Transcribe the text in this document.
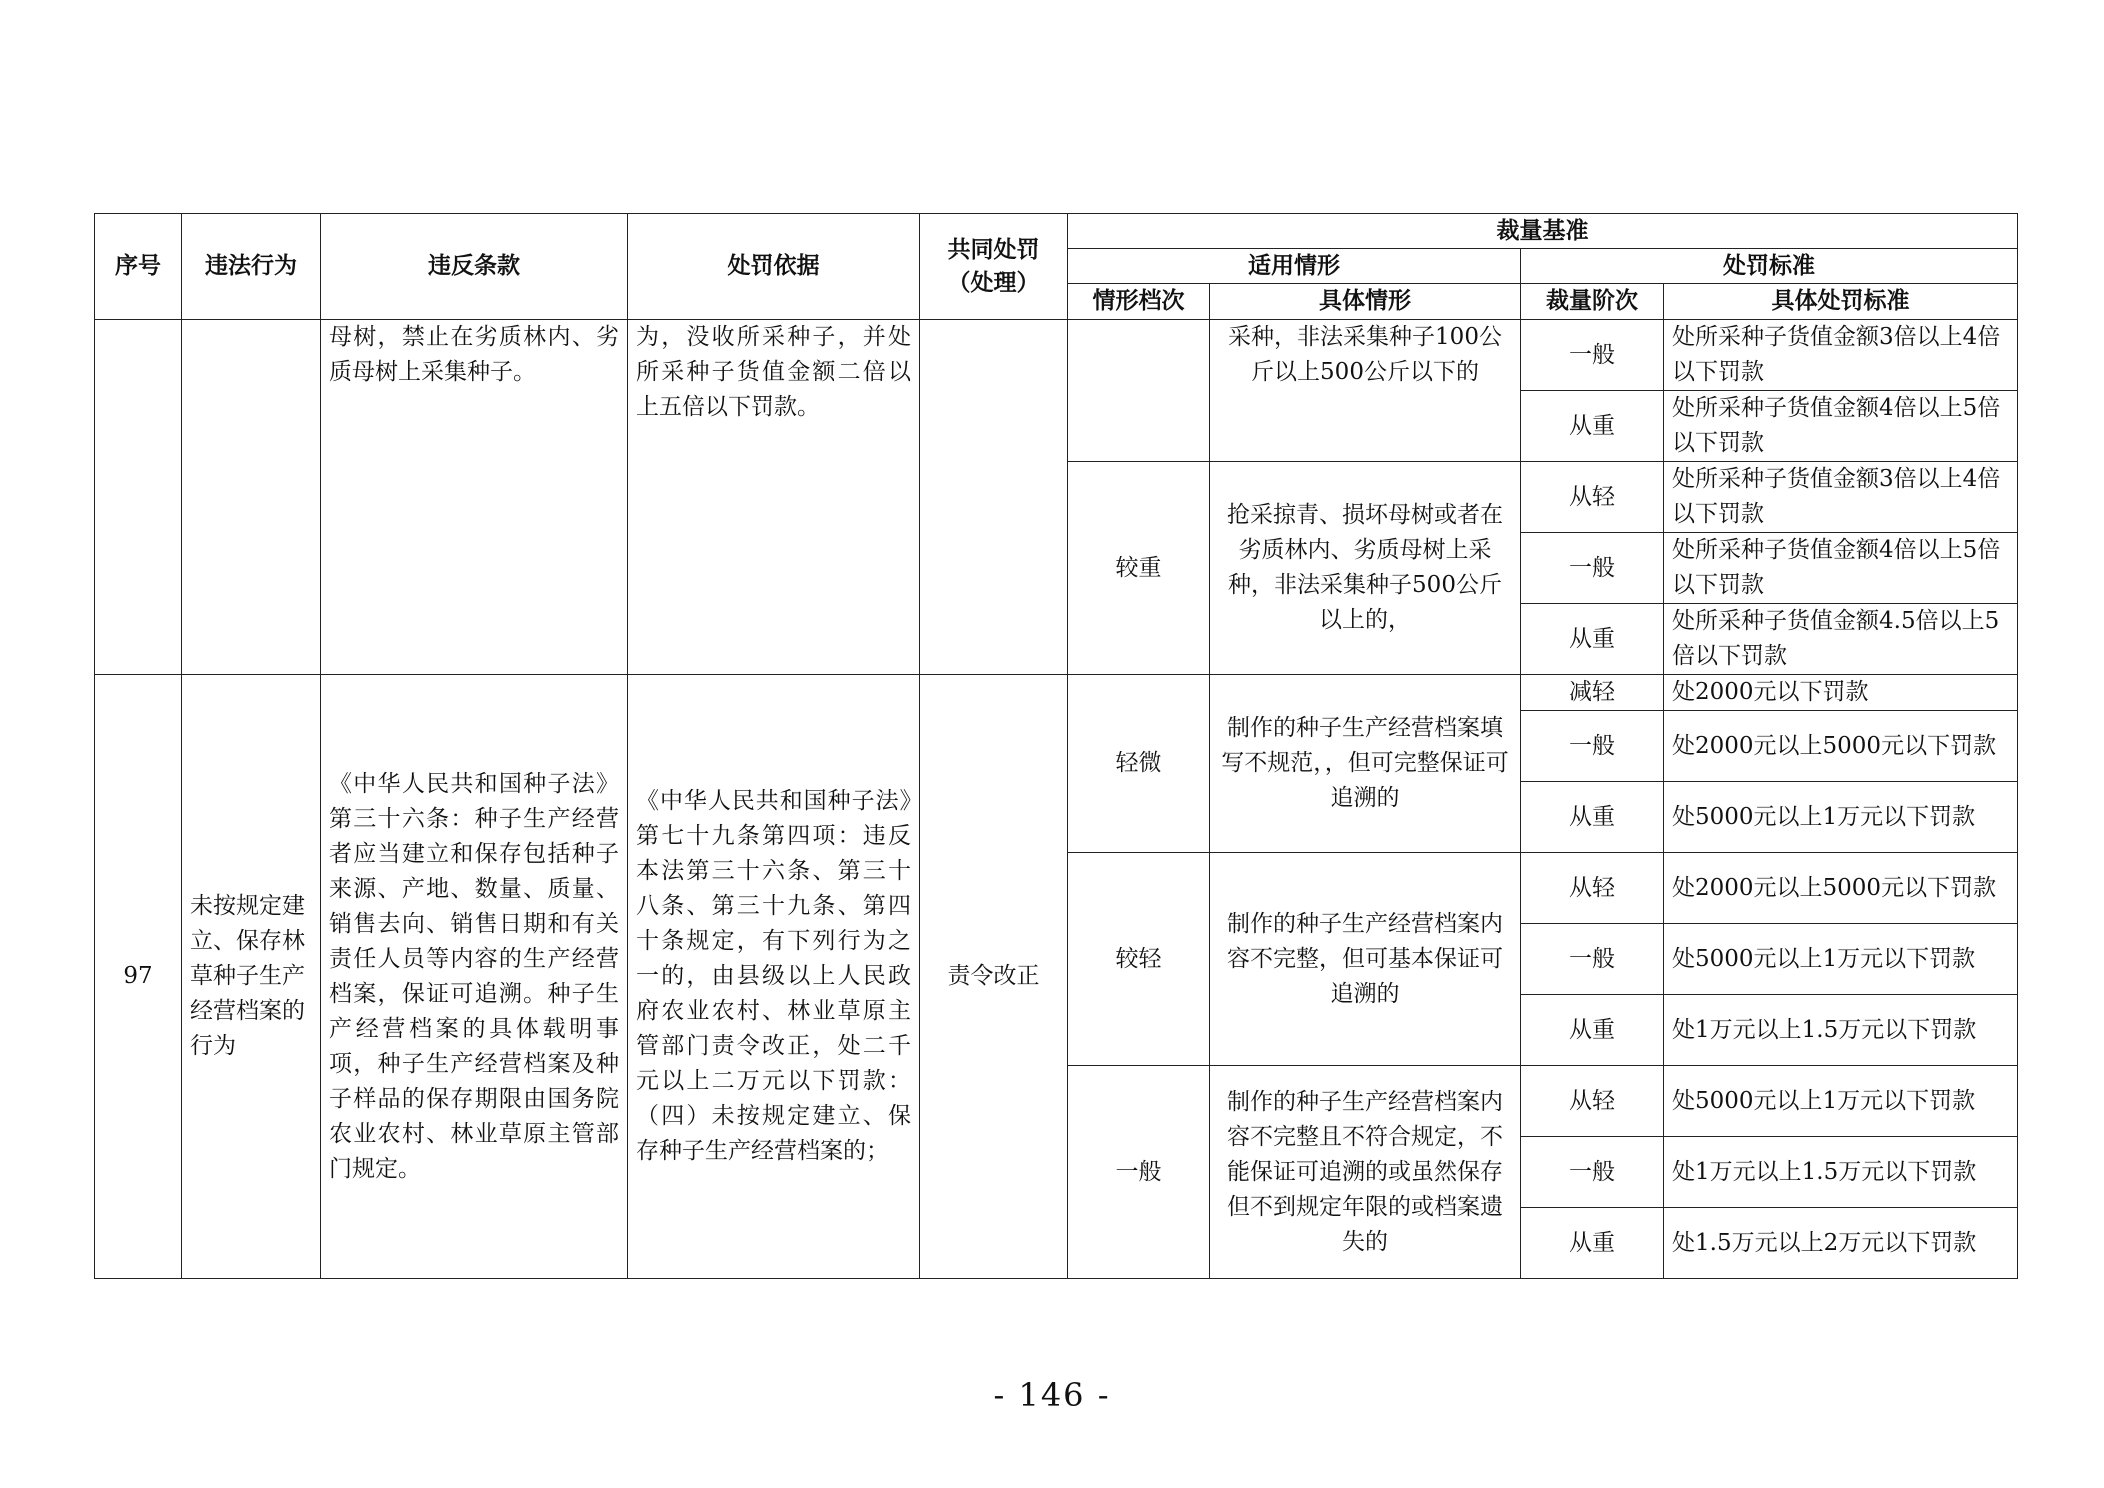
序号	违法行为	违反条款	处罚依据	共同处罚（处理）	裁量基准			
					适用情形		处罚标准	
					情形档次	具体情形	裁量阶次	具体处罚标准
		母树，禁止在劣质林内、劣质母树上采集种子。	为，没收所采种子，并处所采种子货值金额二倍以上五倍以下罚款。			采种，非法采集种子100公斤以上500公斤以下的	一般	处所采种子货值金额3倍以上4倍以下罚款
							从重	处所采种子货值金额4倍以上5倍以下罚款
					较重	抢采掠青、损坏母树或者在劣质林内、劣质母树上采种，非法采集种子500公斤以上的，	从轻	处所采种子货值金额3倍以上4倍以下罚款
							一般	处所采种子货值金额4倍以上5倍以下罚款
							从重	处所采种子货值金额4.5倍以上5倍以下罚款
97	未按规定建立、保存林草种子生产经营档案的行为	《中华人民共和国种子法》第三十六条：种子生产经营者应当建立和保存包括种子来源、产地、数量、质量、销售去向、销售日期和有关责任人员等内容的生产经营档案，保证可追溯。种子生产经营档案的具体载明事项，种子生产经营档案及种子样品的保存期限由国务院农业农村、林业草原主管部门规定。	《中华人民共和国种子法》第七十九条第四项：违反本法第三十六条、第三十八条、第三十九条、第四十条规定，有下列行为之一的，由县级以上人民政府农业农村、林业草原主管部门责令改正，处二千元以上二万元以下罚款：（四）未按规定建立、保存种子生产经营档案的；	责令改正	轻微	制作的种子生产经营档案填写不规范，，但可完整保证可追溯的	减轻	处2000元以下罚款
							一般	处2000元以上5000元以下罚款
							从重	处5000元以上1万元以下罚款
					较轻	制作的种子生产经营档案内容不完整，但可基本保证可追溯的	从轻	处2000元以上5000元以下罚款
							一般	处5000元以上1万元以下罚款
							从重	处1万元以上1.5万元以下罚款
					一般	制作的种子生产经营档案内容不完整且不符合规定，不能保证可追溯的或虽然保存但不到规定年限的或档案遗失的	从轻	处5000元以上1万元以下罚款
							一般	处1万元以上1.5万元以下罚款
							从重	处1.5万元以上2万元以下罚款
- 146 -
